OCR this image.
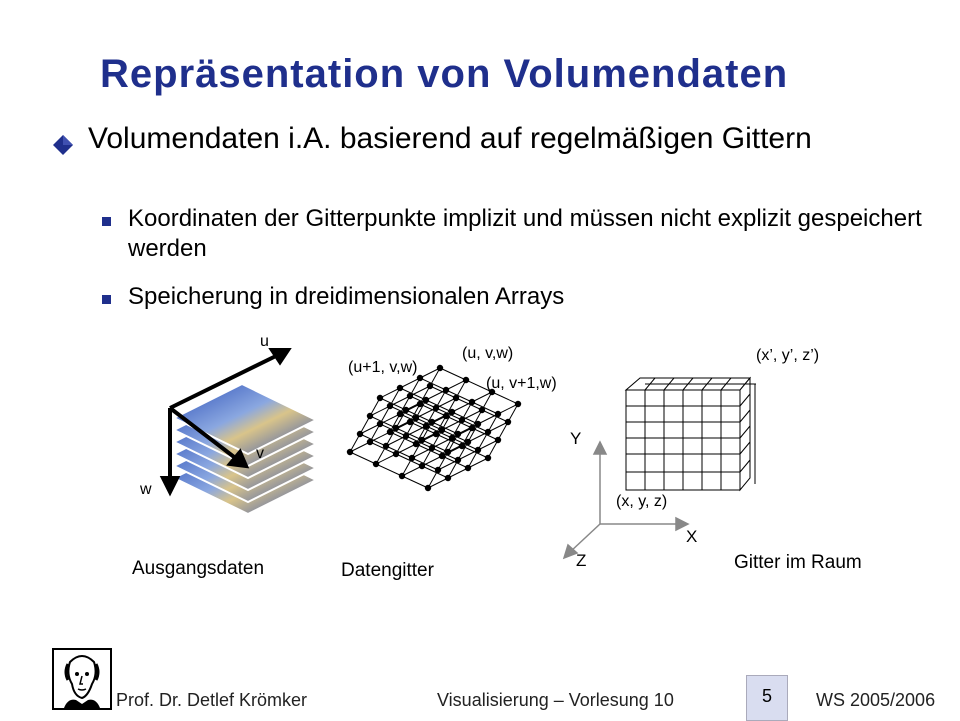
Repräsentation von Volumendaten
Volumendaten i.A. basierend auf regelmäßigen Gittern
Koordinaten der Gitterpunkte implizit und müssen nicht explizit gespeichert werden
Speicherung in dreidimensionalen Arrays
u
v
w
(u, v,w)
(u+1, v,w)
(u, v+1,w)
(x’, y’, z’)
(x, y, z)
Y
X
Z
Ausgangsdaten	Datengitter	Gitter im Raum
Prof. Dr. Detlef Krömker	Visualisierung – Vorlesung 10	5	WS 2005/2006
